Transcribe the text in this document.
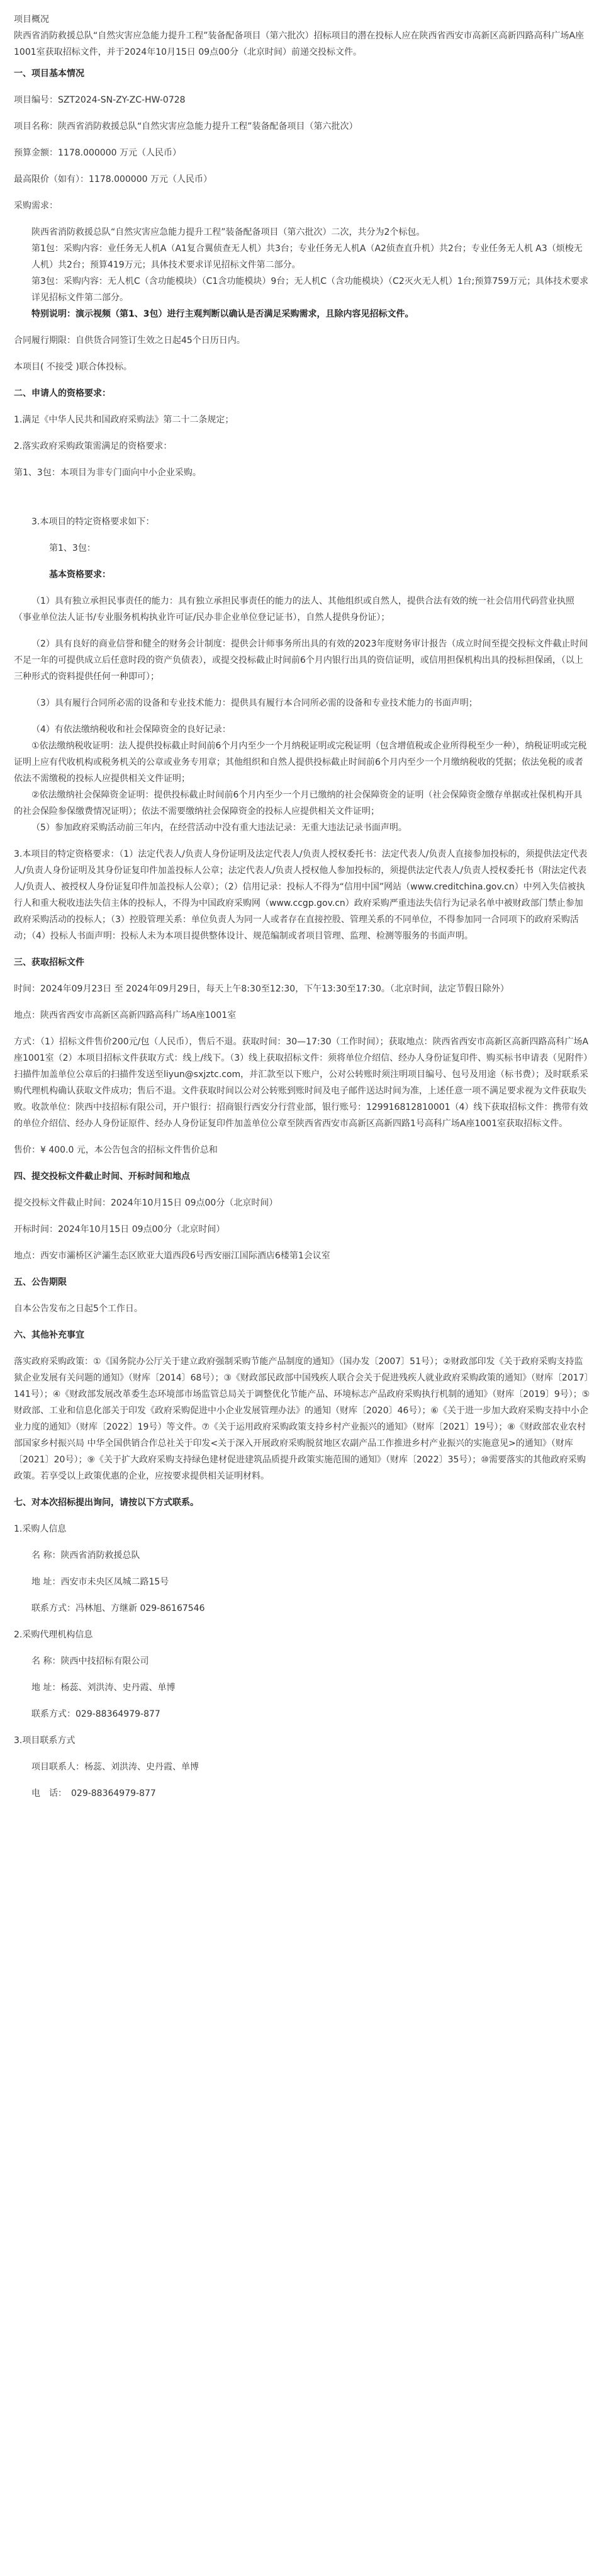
项目概况

陕西省消防救援总队“自然灾害应急能力提升工程”装备配备项目（第六批次）招标项目的潜在投标人应在陕西省西安市高新区高新四路高科广场A座1001室获取招标文件，并于2024年10月15日 09点00分（北京时间）前递交投标文件。

一、项目基本情况

项目编号：SZT2024-SN-ZY-ZC-HW-0728

项目名称：陕西省消防救援总队“自然灾害应急能力提升工程”装备配备项目（第六批次）

预算金额：1178.000000 万元（人民币）

最高限价（如有）：1178.000000 万元（人民币）

采购需求：

陕西省消防救援总队“自然灾害应急能力提升工程”装备配备项目（第六批次）二次，共分为2个标包。

第1包：采购内容：业任务无人机A（A1复合翼侦查无人机）共3台；专业任务无人机A（A2侦查直升机）共2台；专业任务无人机 A3（烦梭无人机）共2台；预算419万元；具体技术要求详见招标文件第二部分。

第3包：采购内容：无人机C（含功能模块）（C1含功能模块）9台；无人机C（含功能模块）（C2灭火无人机）1台;预算759万元；具体技术要求详见招标文件第二部分。

特别说明：演示视频（第1、3包）进行主观判断以确认是否满足采购需求，且除内容见招标文件。

合同履行期限：自供货合同签订生效之日起45个日历日内。

本项目( 不接受 )联合体投标。

二、申请人的资格要求：

1.满足《中华人民共和国政府采购法》第二十二条规定；

2.落实政府采购政策需满足的资格要求：

第1、3包：本项目为非专门面向中小企业采购。

3.本项目的特定资格要求如下：

第1、3包：

基本资格要求：

（1）具有独立承担民事责任的能力：具有独立承担民事责任的能力的法人、其他组织或自然人，提供合法有效的统一社会信用代码营业执照（事业单位法人证书/专业服务机构执业许可证/民办非企业单位登记证书），自然人提供身份证）；

（2）具有良好的商业信誉和健全的财务会计制度：提供会计师事务所出具的有效的2023年度财务审计报告（成立时间至提交投标文件截止时间不足一年的可提供成立后任意时段的资产负债表），或提交投标截止时间前6个月内银行出具的资信证明，或信用担保机构出具的投标担保函，（以上三种形式的资料提供任何一种即可）；

（3）具有履行合同所必需的设备和专业技术能力：提供具有履行本合同所必需的设备和专业技术能力的书面声明；

（4）有依法缴纳税收和社会保障资金的良好记录：

①依法缴纳税收证明：法人提供投标截止时间前6个月内至少一个月纳税证明或完税证明（包含增值税或企业所得税至少一种），纳税证明或完税证明上应有代收机构或税务机关的公章或业务专用章；其他组织和自然人提供投标截止时间前6个月内至少一个月缴纳税收的凭据；依法免税的或者依法不需缴税的投标人应提供相关文件证明；

②依法缴纳社会保障资金证明：提供投标截止时间前6个月内至少一个月已缴纳的社会保障资金的证明（社会保障资金缴存单据或社保机构开具的社会保险参保缴费情况证明）；依法不需要缴纳社会保障资金的投标人应提供相关文件证明；

（5）参加政府采购活动前三年内，在经营活动中没有重大违法记录：无重大违法记录书面声明。

3.本项目的特定资格要求：（1）法定代表人/负责人身份证明及法定代表人/负责人授权委托书：法定代表人/负责人直接参加投标的，须提供法定代表人/负责人身份证明及其身份证复印件加盖投标人公章；法定代表人/负责人授权他人参加投标的，须提供法定代表人/负责人授权委托书（附法定代表人/负责人、被授权人身份证复印件加盖投标人公章）；（2）信用记录：投标人不得为“信用中国”网站（www.creditchina.gov.cn）中列入失信被执行人和重大税收违法失信主体的投标人，不得为中国政府采购网（www.ccgp.gov.cn）政府采购严重违法失信行为记录名单中被财政部门禁止参加政府采购活动的投标人；（3）控股管理关系：单位负责人为同一人或者存在直接控股、管理关系的不同单位，不得参加同一合同项下的政府采购活动；（4）投标人书面声明：投标人未为本项目提供整体设计、规范编制或者项目管理、监理、检测等服务的书面声明。

三、获取招标文件

时间：2024年09月23日 至 2024年09月29日，每天上午8:30至12:30，下午13:30至17:30。（北京时间，法定节假日除外）

地点：陕西省西安市高新区高新四路高科广场A座1001室

方式：（1）招标文件售价200元/包（人民币），售后不退。获取时间：30—17:30（工作时间）；获取地点：陕西省西安市高新区高新四路高科广场A座1001室（2）本项目招标文件获取方式：线上/线下。（3）线上获取招标文件：须将单位介绍信、经办人身份证复印件、购买标书申请表（见附件）扫描件加盖单位公章后的扫描件发送至liyun@sxjztc.com，并汇款至以下账户，公对公转账时须注明项目编号、包号及用途（标书费）；及时联系采购代理机构确认获取文件成功；售后不退。文件获取时间以公对公转账到账时间及电子邮件送达时间为准，上述任意一项不满足要求视为文件获取失败。收款单位：陕西中技招标有限公司，开户银行：招商银行西安分行营业部，银行账号：129916812810001（4）线下获取招标文件：携带有效的单位介绍信、经办人身份证原件、经办人身份证复印件加盖单位公章至陕西省西安市高新区高新四路1号高科广场A座1001室获取招标文件。

售价：¥ 400.0 元，本公告包含的招标文件售价总和

四、提交投标文件截止时间、开标时间和地点

提交投标文件截止时间：2024年10月15日 09点00分（北京时间）

开标时间：2024年10月15日 09点00分（北京时间）

地点：西安市灞桥区浐灞生态区欧亚大道西段6号西安丽江国际酒店6楼第1会议室

五、公告期限

自本公告发布之日起5个工作日。

六、其他补充事宜

落实政府采购政策：①《国务院办公厅关于建立政府强制采购节能产品制度的通知》（国办发〔2007〕51号）；②财政部印发《关于政府采购支持监狱企业发展有关问题的通知》（财库〔2014〕68号）；③《财政部民政部中国残疾人联合会关于促进残疾人就业政府采购政策的通知》（财库〔2017〕141号）；④《财政部发展改革委生态环境部市场监管总局关于调整优化节能产品、环境标志产品政府采购执行机制的通知》（财库〔2019〕9号）；⑤财政部、工业和信息化部关于印发《政府采购促进中小企业发展管理办法》的通知（财库〔2020〕46号）；⑥《关于进一步加大政府采购支持中小企业力度的通知》（财库〔2022〕19号）等文件。⑦《关于运用政府采购政策支持乡村产业振兴的通知》（财库〔2021〕19号）；⑧《财政部农业农村部国家乡村振兴局 中华全国供销合作总社关于印发<关于深入开展政府采购脱贫地区农副产品工作推进乡村产业振兴的实施意见>的通知》（财库〔2021〕20号）；⑨《关于扩大政府采购支持绿色建材促进建筑品质提升政策实施范围的通知》（财库〔2022〕35号）；⑩需要落实的其他政府采购政策。若享受以上政策优惠的企业，应按要求提供相关证明材料。

七、对本次招标提出询问，请按以下方式联系。

1.采购人信息

名 称：陕西省消防救援总队

地 址：西安市未央区凤城二路15号

联系方式：冯林旭、方继新 029-86167546

2.采购代理机构信息

名 称：陕西中技招标有限公司

地 址：杨蕊、刘洪涛、史丹霞、单博

联系方式：029-88364979-877

3.项目联系方式

项目联系人：杨蕊、刘洪涛、史丹霞、单博

电　话：　029-88364979-877
